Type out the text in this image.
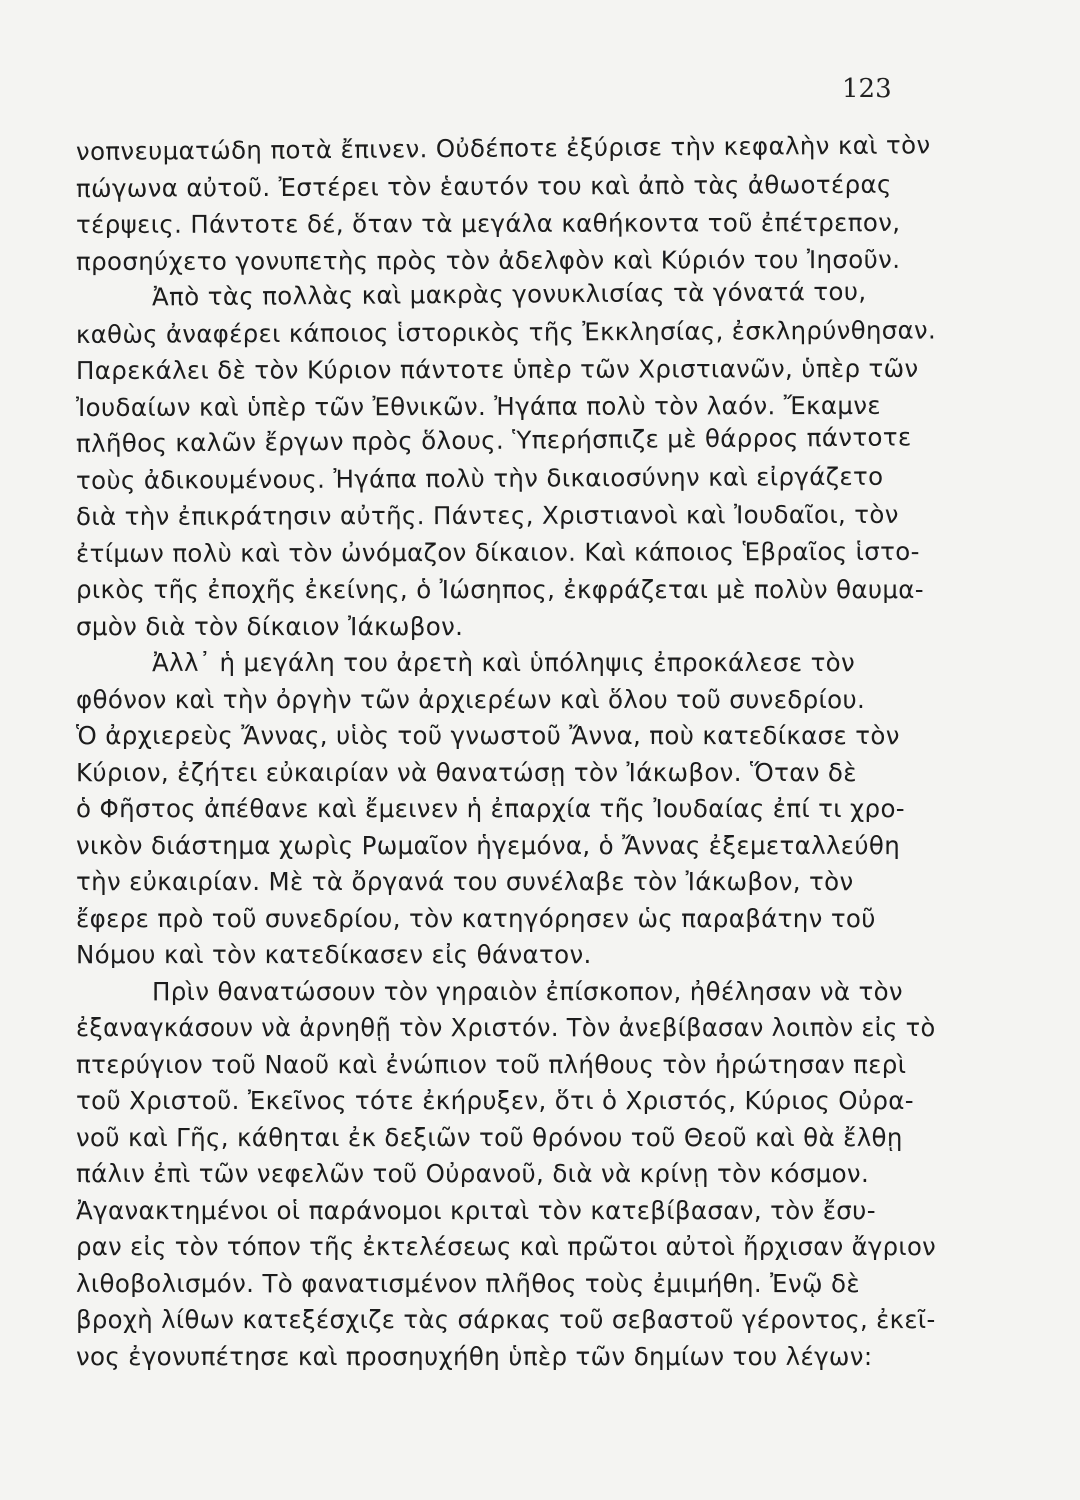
123
νοπνευματώδη ποτὰ ἔπινεν. Οὐδέποτε ἐξύρισε τὴν κεφαλὴν καὶ τὸν
πώγωνα αὐτοῦ. Ἐστέρει τὸν ἑαυτόν του καὶ ἀπὸ τὰς ἀθωοτέρας
τέρψεις. Πάντοτε δέ, ὅταν τὰ μεγάλα καθήκοντα τοῦ ἐπέτρεπον,
προσηύχετο γονυπετὴς πρὸς τὸν ἀδελφὸν καὶ Κύριόν του Ἰησοῦν.
Ἀπὸ τὰς πολλὰς καὶ μακρὰς γονυκλισίας τὰ γόνατά του,
καθὼς ἀναφέρει κάποιος ἱστορικὸς τῆς Ἐκκλησίας, ἐσκληρύνθησαν.
Παρεκάλει δὲ τὸν Κύριον πάντοτε ὑπὲρ τῶν Χριστιανῶν, ὑπὲρ τῶν
Ἰουδαίων καὶ ὑπὲρ τῶν Ἐθνικῶν. Ἠγάπα πολὺ τὸν λαόν. Ἔκαμνε
πλῆθος καλῶν ἔργων πρὸς ὅλους. Ὑπερήσπιζε μὲ θάρρος πάντοτε
τοὺς ἀδικουμένους. Ἠγάπα πολὺ τὴν δικαιοσύνην καὶ εἰργάζετο
διὰ τὴν ἐπικράτησιν αὐτῆς. Πάντες, Χριστιανοὶ καὶ Ἰουδαῖοι, τὸν
ἐτίμων πολὺ καὶ τὸν ὠνόμαζον δίκαιον. Καὶ κάποιος Ἑβραῖος ἱστο-
ρικὸς τῆς ἐποχῆς ἐκείνης, ὁ Ἰώσηπος, ἐκφράζεται μὲ πολὺν θαυμα-
σμὸν διὰ τὸν δίκαιον Ἰάκωβον.
Ἀλλ᾽ ἡ μεγάλη του ἀρετὴ καὶ ὑπόληψις ἐπροκάλεσε τὸν
φθόνον καὶ τὴν ὀργὴν τῶν ἀρχιερέων καὶ ὅλου τοῦ συνεδρίου.
Ὁ ἀρχιερεὺς Ἄννας, υἱὸς τοῦ γνωστοῦ Ἄννα, ποὺ κατεδίκασε τὸν
Κύριον, ἐζήτει εὐκαιρίαν νὰ θανατώσῃ τὸν Ἰάκωβον. Ὅταν δὲ
ὁ Φῆστος ἀπέθανε καὶ ἔμεινεν ἡ ἐπαρχία τῆς Ἰουδαίας ἐπί τι χρο-
νικὸν διάστημα χωρὶς Ρωμαῖον ἡγεμόνα, ὁ Ἄννας ἐξεμεταλλεύθη
τὴν εὐκαιρίαν. Μὲ τὰ ὄργανά του συνέλαβε τὸν Ἰάκωβον, τὸν
ἔφερε πρὸ τοῦ συνεδρίου, τὸν κατηγόρησεν ὡς παραβάτην τοῦ
Νόμου καὶ τὸν κατεδίκασεν εἰς θάνατον.
Πρὶν θανατώσουν τὸν γηραιὸν ἐπίσκοπον, ἠθέλησαν νὰ τὸν
ἐξαναγκάσουν νὰ ἀρνηθῇ τὸν Χριστόν. Τὸν ἀνεβίβασαν λοιπὸν εἰς τὸ
πτερύγιον τοῦ Ναοῦ καὶ ἐνώπιον τοῦ πλήθους τὸν ἠρώτησαν περὶ
τοῦ Χριστοῦ. Ἐκεῖνος τότε ἐκήρυξεν, ὅτι ὁ Χριστός, Κύριος Οὐρα-
νοῦ καὶ Γῆς, κάθηται ἐκ δεξιῶν τοῦ θρόνου τοῦ Θεοῦ καὶ θὰ ἔλθῃ
πάλιν ἐπὶ τῶν νεφελῶν τοῦ Οὐρανοῦ, διὰ νὰ κρίνῃ τὸν κόσμον.
Ἀγανακτημένοι οἱ παράνομοι κριταὶ τὸν κατεβίβασαν, τὸν ἔσυ-
ραν εἰς τὸν τόπον τῆς ἐκτελέσεως καὶ πρῶτοι αὐτοὶ ἤρχισαν ἄγριον
λιθοβολισμόν. Τὸ φανατισμένον πλῆθος τοὺς ἐμιμήθη. Ἐνῷ δὲ
βροχὴ λίθων κατεξέσχιζε τὰς σάρκας τοῦ σεβαστοῦ γέροντος, ἐκεῖ-
νος ἐγονυπέτησε καὶ προσηυχήθη ὑπὲρ τῶν δημίων του λέγων:
